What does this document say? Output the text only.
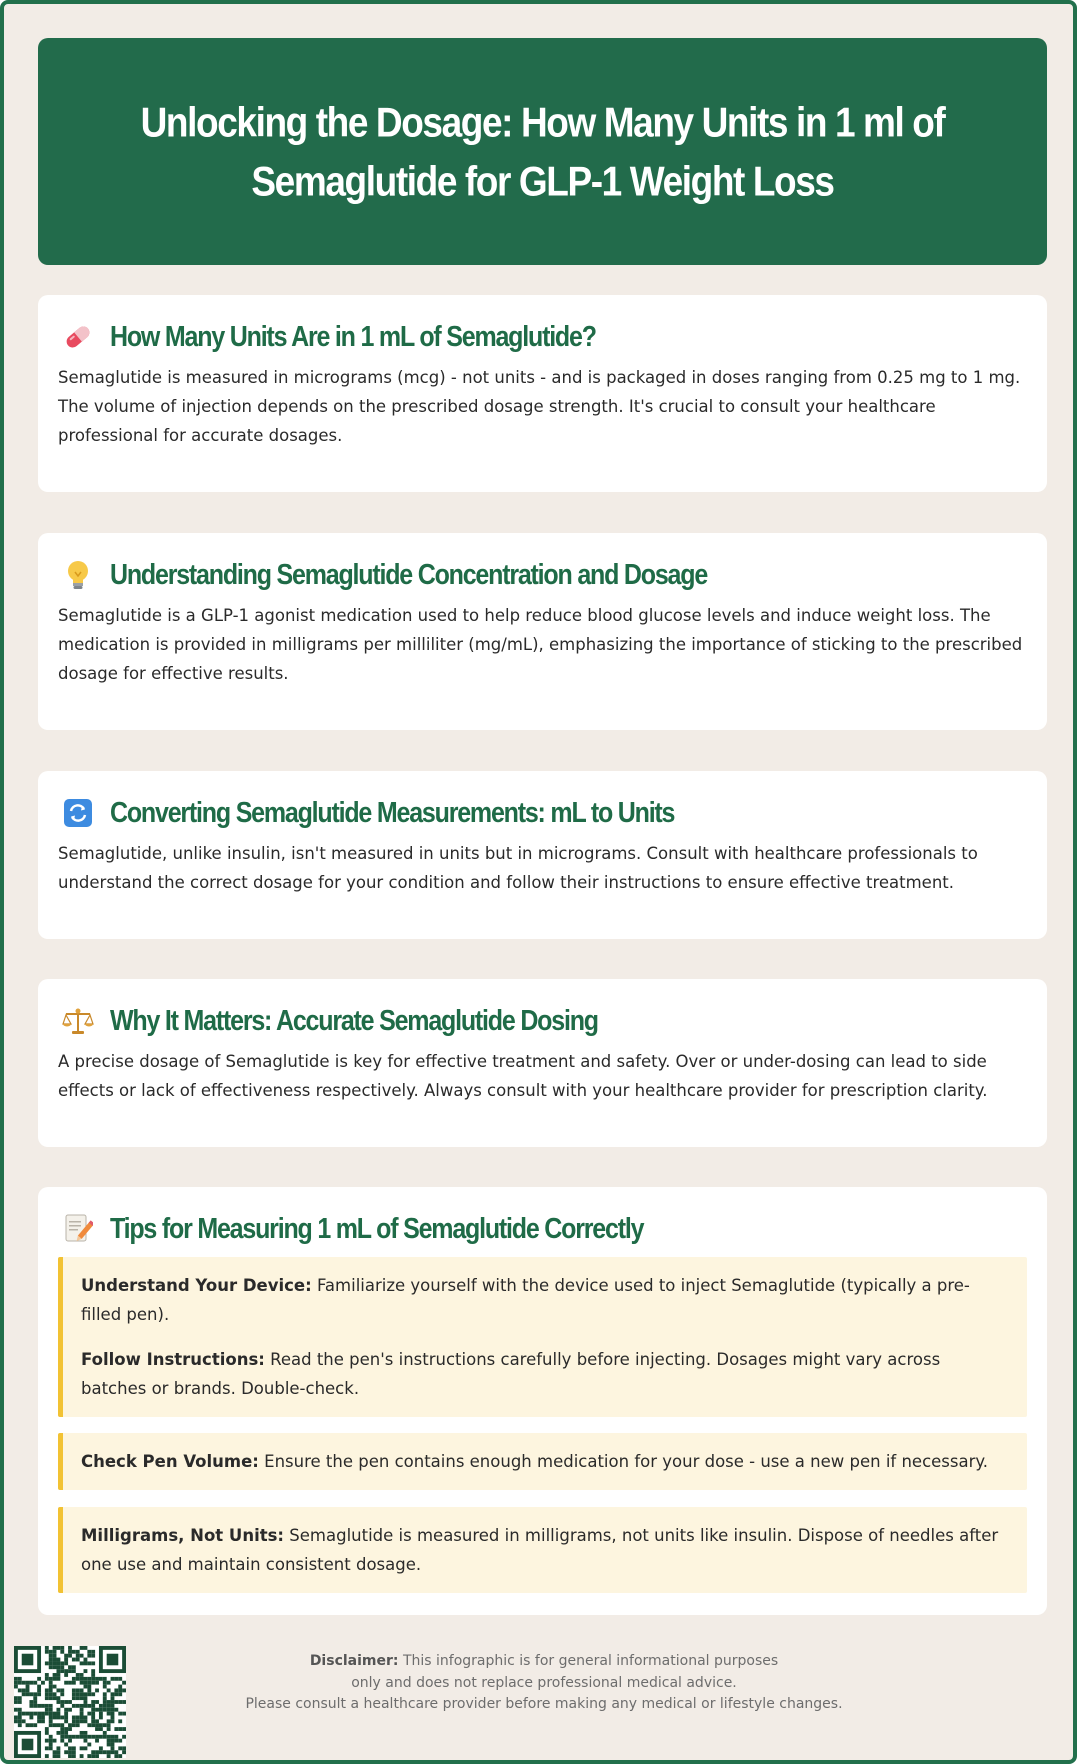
Unlocking the Dosage: How Many Units in 1 ml of Semaglutide for GLP-1 Weight Loss
How Many Units Are in 1 mL of Semaglutide?

Semaglutide is measured in micrograms (mcg) - not units - and is packaged in doses ranging from 0.25 mg to 1 mg. The volume of injection depends on the prescribed dosage strength. It's crucial to consult your healthcare professional for accurate dosages.

Understanding Semaglutide Concentration and Dosage

Semaglutide is a GLP-1 agonist medication used to help reduce blood glucose levels and induce weight loss. The medication is provided in milligrams per milliliter (mg/mL), emphasizing the importance of sticking to the prescribed dosage for effective results.

Converting Semaglutide Measurements: mL to Units

Semaglutide, unlike insulin, isn't measured in units but in micrograms. Consult with healthcare professionals to understand the correct dosage for your condition and follow their instructions to ensure effective treatment.

Why It Matters: Accurate Semaglutide Dosing

A precise dosage of Semaglutide is key for effective treatment and safety. Over or under-dosing can lead to side effects or lack of effectiveness respectively. Always consult with your healthcare provider for prescription clarity.

Tips for Measuring 1 mL of Semaglutide Correctly
Understand Your Device: Familiarize yourself with the device used to inject Semaglutide (typically a pre-filled pen).
Follow Instructions: Read the pen's instructions carefully before injecting. Dosages might vary across batches or brands. Double-check.
Check Pen Volume: Ensure the pen contains enough medication for your dose - use a new pen if necessary.
Milligrams, Not Units: Semaglutide is measured in milligrams, not units like insulin. Dispose of needles after one use and maintain consistent dosage.
Disclaimer: This infographic is for general informational purposes
only and does not replace professional medical advice.
Please consult a healthcare provider before making any medical or lifestyle changes.
